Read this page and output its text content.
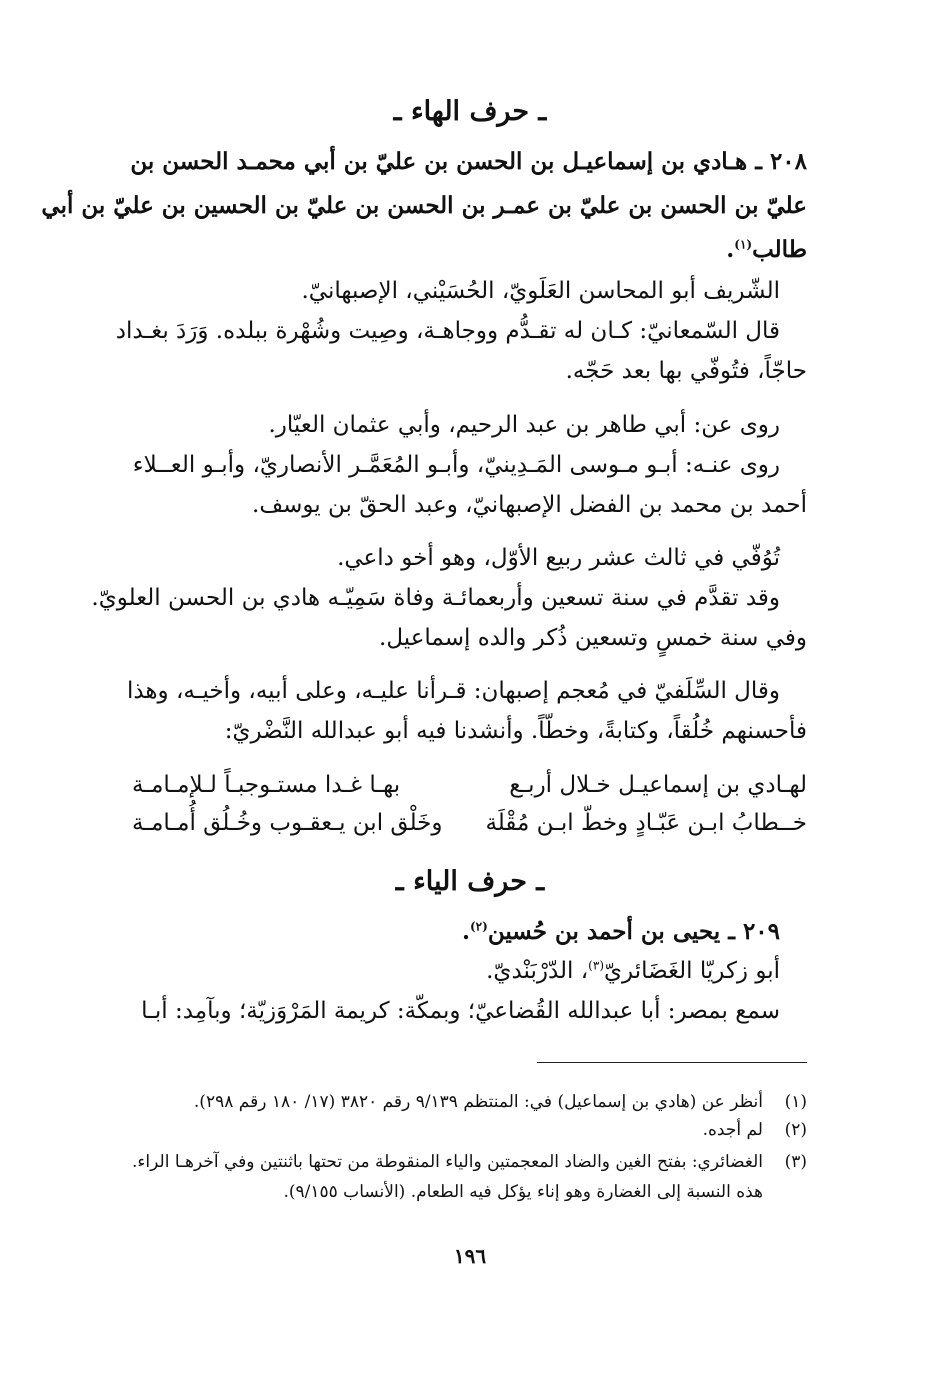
ـ حرف الهاء ـ
٢٠٨ ـ هـادي بن إسماعيـل بن الحسن بن عليّ بن أبي محمـد الحسن بن
عليّ بن الحسن بن عليّ بن عمـر بن الحسن بن عليّ بن الحسين بن عليّ بن أبي
طالب$^{(١)}$.
الشّريف أبو المحاسن العَلَويّ، الحُسَيْني، الإصبهانيّ.
قال السّمعانيّ: كـان له تقـدُّم ووجاهـة، وصِيت وشُهْرة ببلده. وَرَدَ بغـداد
حاجّاً، فتُوفّي بها بعد حَجّه.
روى عن: أبي طاهر بن عبد الرحيم، وأبي عثمان العيّار.
روى عنـه: أبـو مـوسى المَـدِينيّ، وأبـو المُعَمَّـر الأنصاريّ، وأبـو العــلاء
أحمد بن محمد بن الفضل الإصبهانيّ، وعبد الحقّ بن يوسف.
تُوُفّي في ثالث عشر ربيع الأوّل، وهو أخو داعي.
وقد تقدَّم في سنة تسعين وأربعمائـة وفاة سَمِيّـه هادي بن الحسن العلويّ.
وفي سنة خمسٍ وتسعين ذُكر والده إسماعيل.
وقال السِّلَفيّ في مُعجم إصبهان: قـرأنا عليـه، وعلى أبيه، وأخيـه، وهذا
فأحسنهم خُلُقاً، وكتابةً، وخطّاً. وأنشدنا فيه أبو عبدالله النَّضْريّ:
لهـادي بن إسماعيـل خـلال أربـع
بهـا غـدا مستـوجبـاً لـلإمـامـة
خــطابُ ابـن عَبّـادٍ وخطّ ابـن مُقْلَة
وخَلْق ابن يـعقـوب وخُـلُق أُمـامـة
ـ حرف الياء ـ
٢٠٩ ـ يحيى بن أحمد بن حُسين$^{(٢)}$.
أبو زكريّا الغَضَائريّ$^{(٣)}$، الدّرْبَنْديّ.
سمع بمصر: أبا عبدالله القُضاعيّ؛ وبمكّة: كريمة المَرْوَزيّة؛ وبآمِد: أبـا
(١)
أنظر عن (هادي بن إسماعيل) في: المنتظم ٩/١٣٩ رقم ٣٨٢٠ (١٧/ ١٨٠ رقم ٢٩٨).
(٢)
لم أجده.
(٣)
الغضائري: بفتح الغين والضاد المعجمتين والياء المنقوطة من تحتها باثنتين وفي آخرهـا الراء.
هذه النسبة إلى الغضارة وهو إناء يؤكل فيه الطعام. (الأنساب ٩/١٥٥).
١٩٦
